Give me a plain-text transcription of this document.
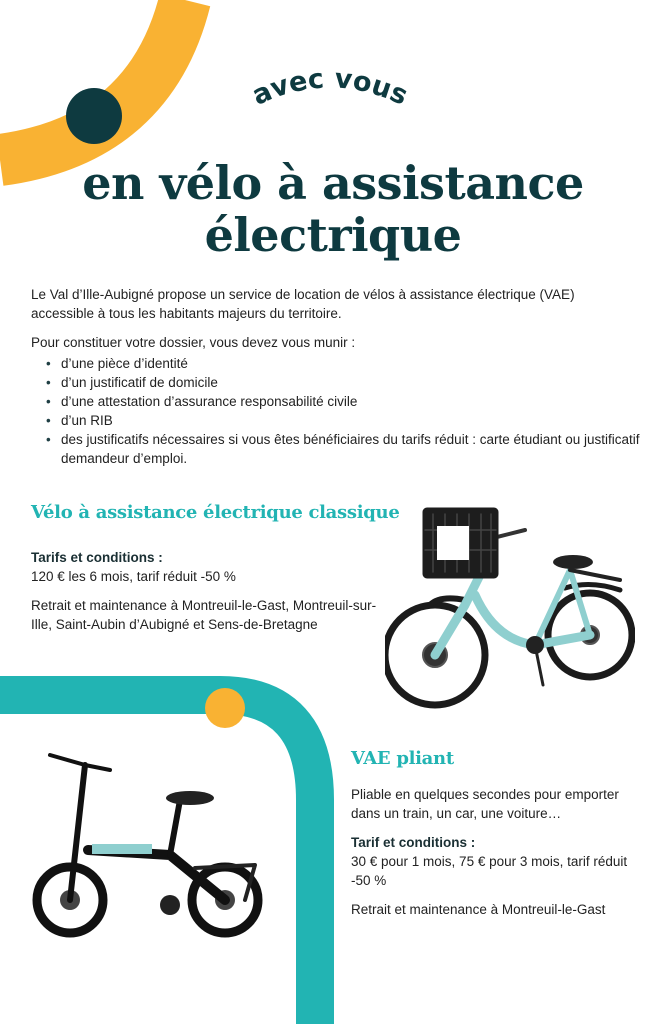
avec vous
en vélo à assistance
électrique

Le Val d’Ille-Aubigné propose un service de location de vélos à assistance électrique (VAE) accessible à tous les habitants majeurs du territoire.

Pour constituer votre dossier, vous devez vous munir :

• d’une pièce d’identité
• d’un justificatif de domicile
• d’une attestation d’assurance responsabilité civile
• d’un RIB
• des justificatifs nécessaires si vous êtes bénéficiaires du tarifs réduit : carte étudiant ou justificatif demandeur d’emploi.
Vélo à assistance électrique classique

Tarifs et conditions :

120 € les 6 mois, tarif réduit -50 %

Retrait et maintenance à Montreuil-le-Gast, Montreuil-sur-Ille, Saint-Aubin d’Aubigné et Sens-de-Bretagne

VAE pliant

Pliable en quelques secondes pour emporter dans un train, un car, une voiture…

Tarif et conditions :

30 € pour 1 mois, 75 € pour 3 mois, tarif réduit -50 %

Retrait et maintenance à Montreuil-le-Gast
